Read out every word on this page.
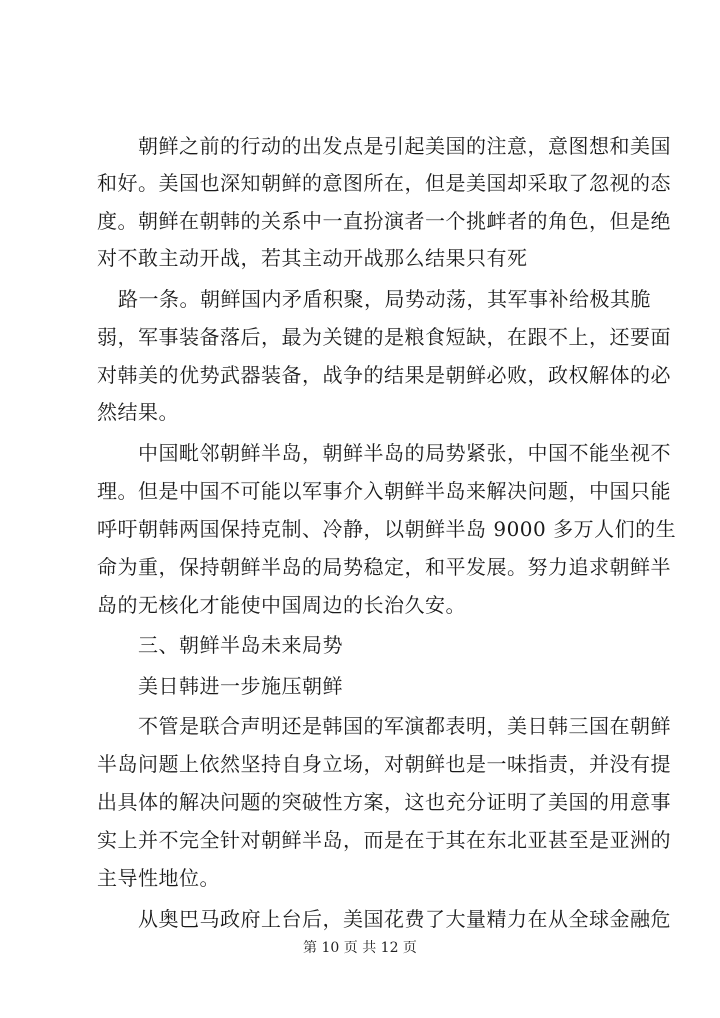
朝鲜之前的行动的出发点是引起美国的注意，意图想和美国
和好。美国也深知朝鲜的意图所在，但是美国却采取了忽视的态
度。朝鲜在朝韩的关系中一直扮演者一个挑衅者的角色，但是绝
对不敢主动开战，若其主动开战那么结果只有死
路一条。朝鲜国内矛盾积聚，局势动荡，其军事补给极其脆
弱，军事装备落后，最为关键的是粮食短缺，在跟不上，还要面
对韩美的优势武器装备，战争的结果是朝鲜必败，政权解体的必
然结果。
中国毗邻朝鲜半岛，朝鲜半岛的局势紧张，中国不能坐视不
理。但是中国不可能以军事介入朝鲜半岛来解决问题，中国只能
呼吁朝韩两国保持克制、冷静，以朝鲜半岛 9000 多万人们的生
命为重，保持朝鲜半岛的局势稳定，和平发展。努力追求朝鲜半
岛的无核化才能使中国周边的长治久安。
三、朝鲜半岛未来局势
美日韩进一步施压朝鲜
不管是联合声明还是韩国的军演都表明，美日韩三国在朝鲜
半岛问题上依然坚持自身立场，对朝鲜也是一味指责，并没有提
出具体的解决问题的突破性方案，这也充分证明了美国的用意事
实上并不完全针对朝鲜半岛，而是在于其在东北亚甚至是亚洲的
主导性地位。
从奥巴马政府上台后，美国花费了大量精力在从全球金融危
第 10 页 共 12 页
